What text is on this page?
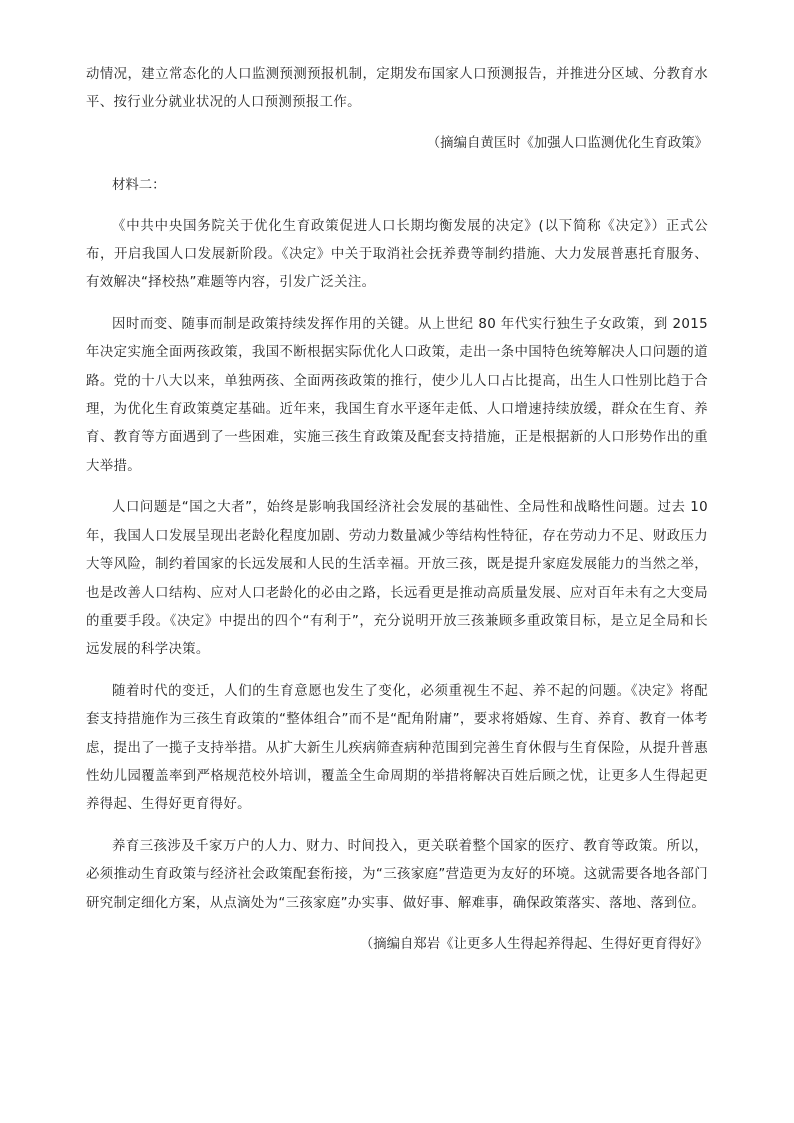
动情况，建立常态化的人口监测预测预报机制，定期发布国家人口预测报告，并推进分区域、分教育水平、按行业分就业状况的人口预测预报工作。

（摘编自黄匡时《加强人口监测优化生育政策》

材料二：

《中共中央国务院关于优化生育政策促进人口长期均衡发展的决定》(以下简称《决定》）正式公布，开启我国人口发展新阶段。《决定》中关于取消社会抚养费等制约措施、大力发展普惠托育服务、有效解决“择校热”难题等内容，引发广泛关注。

因时而变、随事而制是政策持续发挥作用的关键。从上世纪 80 年代实行独生子女政策，到 2015 年决定实施全面两孩政策，我国不断根据实际优化人口政策，走出一条中国特色统筹解决人口问题的道路。党的十八大以来，单独两孩、全面两孩政策的推行，使少儿人口占比提高，出生人口性别比趋于合理，为优化生育政策奠定基础。近年来，我国生育水平逐年走低、人口增速持续放缓，群众在生育、养育、教育等方面遇到了一些困难，实施三孩生育政策及配套支持措施，正是根据新的人口形势作出的重大举措。

人口问题是“国之大者”，始终是影响我国经济社会发展的基础性、全局性和战略性问题。过去 10 年，我国人口发展呈现出老龄化程度加剧、劳动力数量减少等结构性特征，存在劳动力不足、财政压力大等风险，制约着国家的长远发展和人民的生活幸福。开放三孩，既是提升家庭发展能力的当然之举，也是改善人口结构、应对人口老龄化的必由之路，长远看更是推动高质量发展、应对百年未有之大变局的重要手段。《决定》中提出的四个“有利于”，充分说明开放三孩兼顾多重政策目标，是立足全局和长远发展的科学决策。

随着时代的变迁，人们的生育意愿也发生了变化，必须重视生不起、养不起的问题。《决定》将配套支持措施作为三孩生育政策的“整体组合”而不是“配角附庸”，要求将婚嫁、生育、养育、教育一体考虑，提出了一揽子支持举措。从扩大新生儿疾病筛查病种范围到完善生育休假与生育保险，从提升普惠性幼儿园覆盖率到严格规范校外培训，覆盖全生命周期的举措将解决百姓后顾之忧，让更多人生得起更养得起、生得好更育得好。

养育三孩涉及千家万户的人力、财力、时间投入，更关联着整个国家的医疗、教育等政策。所以，必须推动生育政策与经济社会政策配套衔接，为“三孩家庭”营造更为友好的环境。这就需要各地各部门研究制定细化方案，从点滴处为“三孩家庭”办实事、做好事、解难事，确保政策落实、落地、落到位。

（摘编自郑岩《让更多人生得起养得起、生得好更育得好》
